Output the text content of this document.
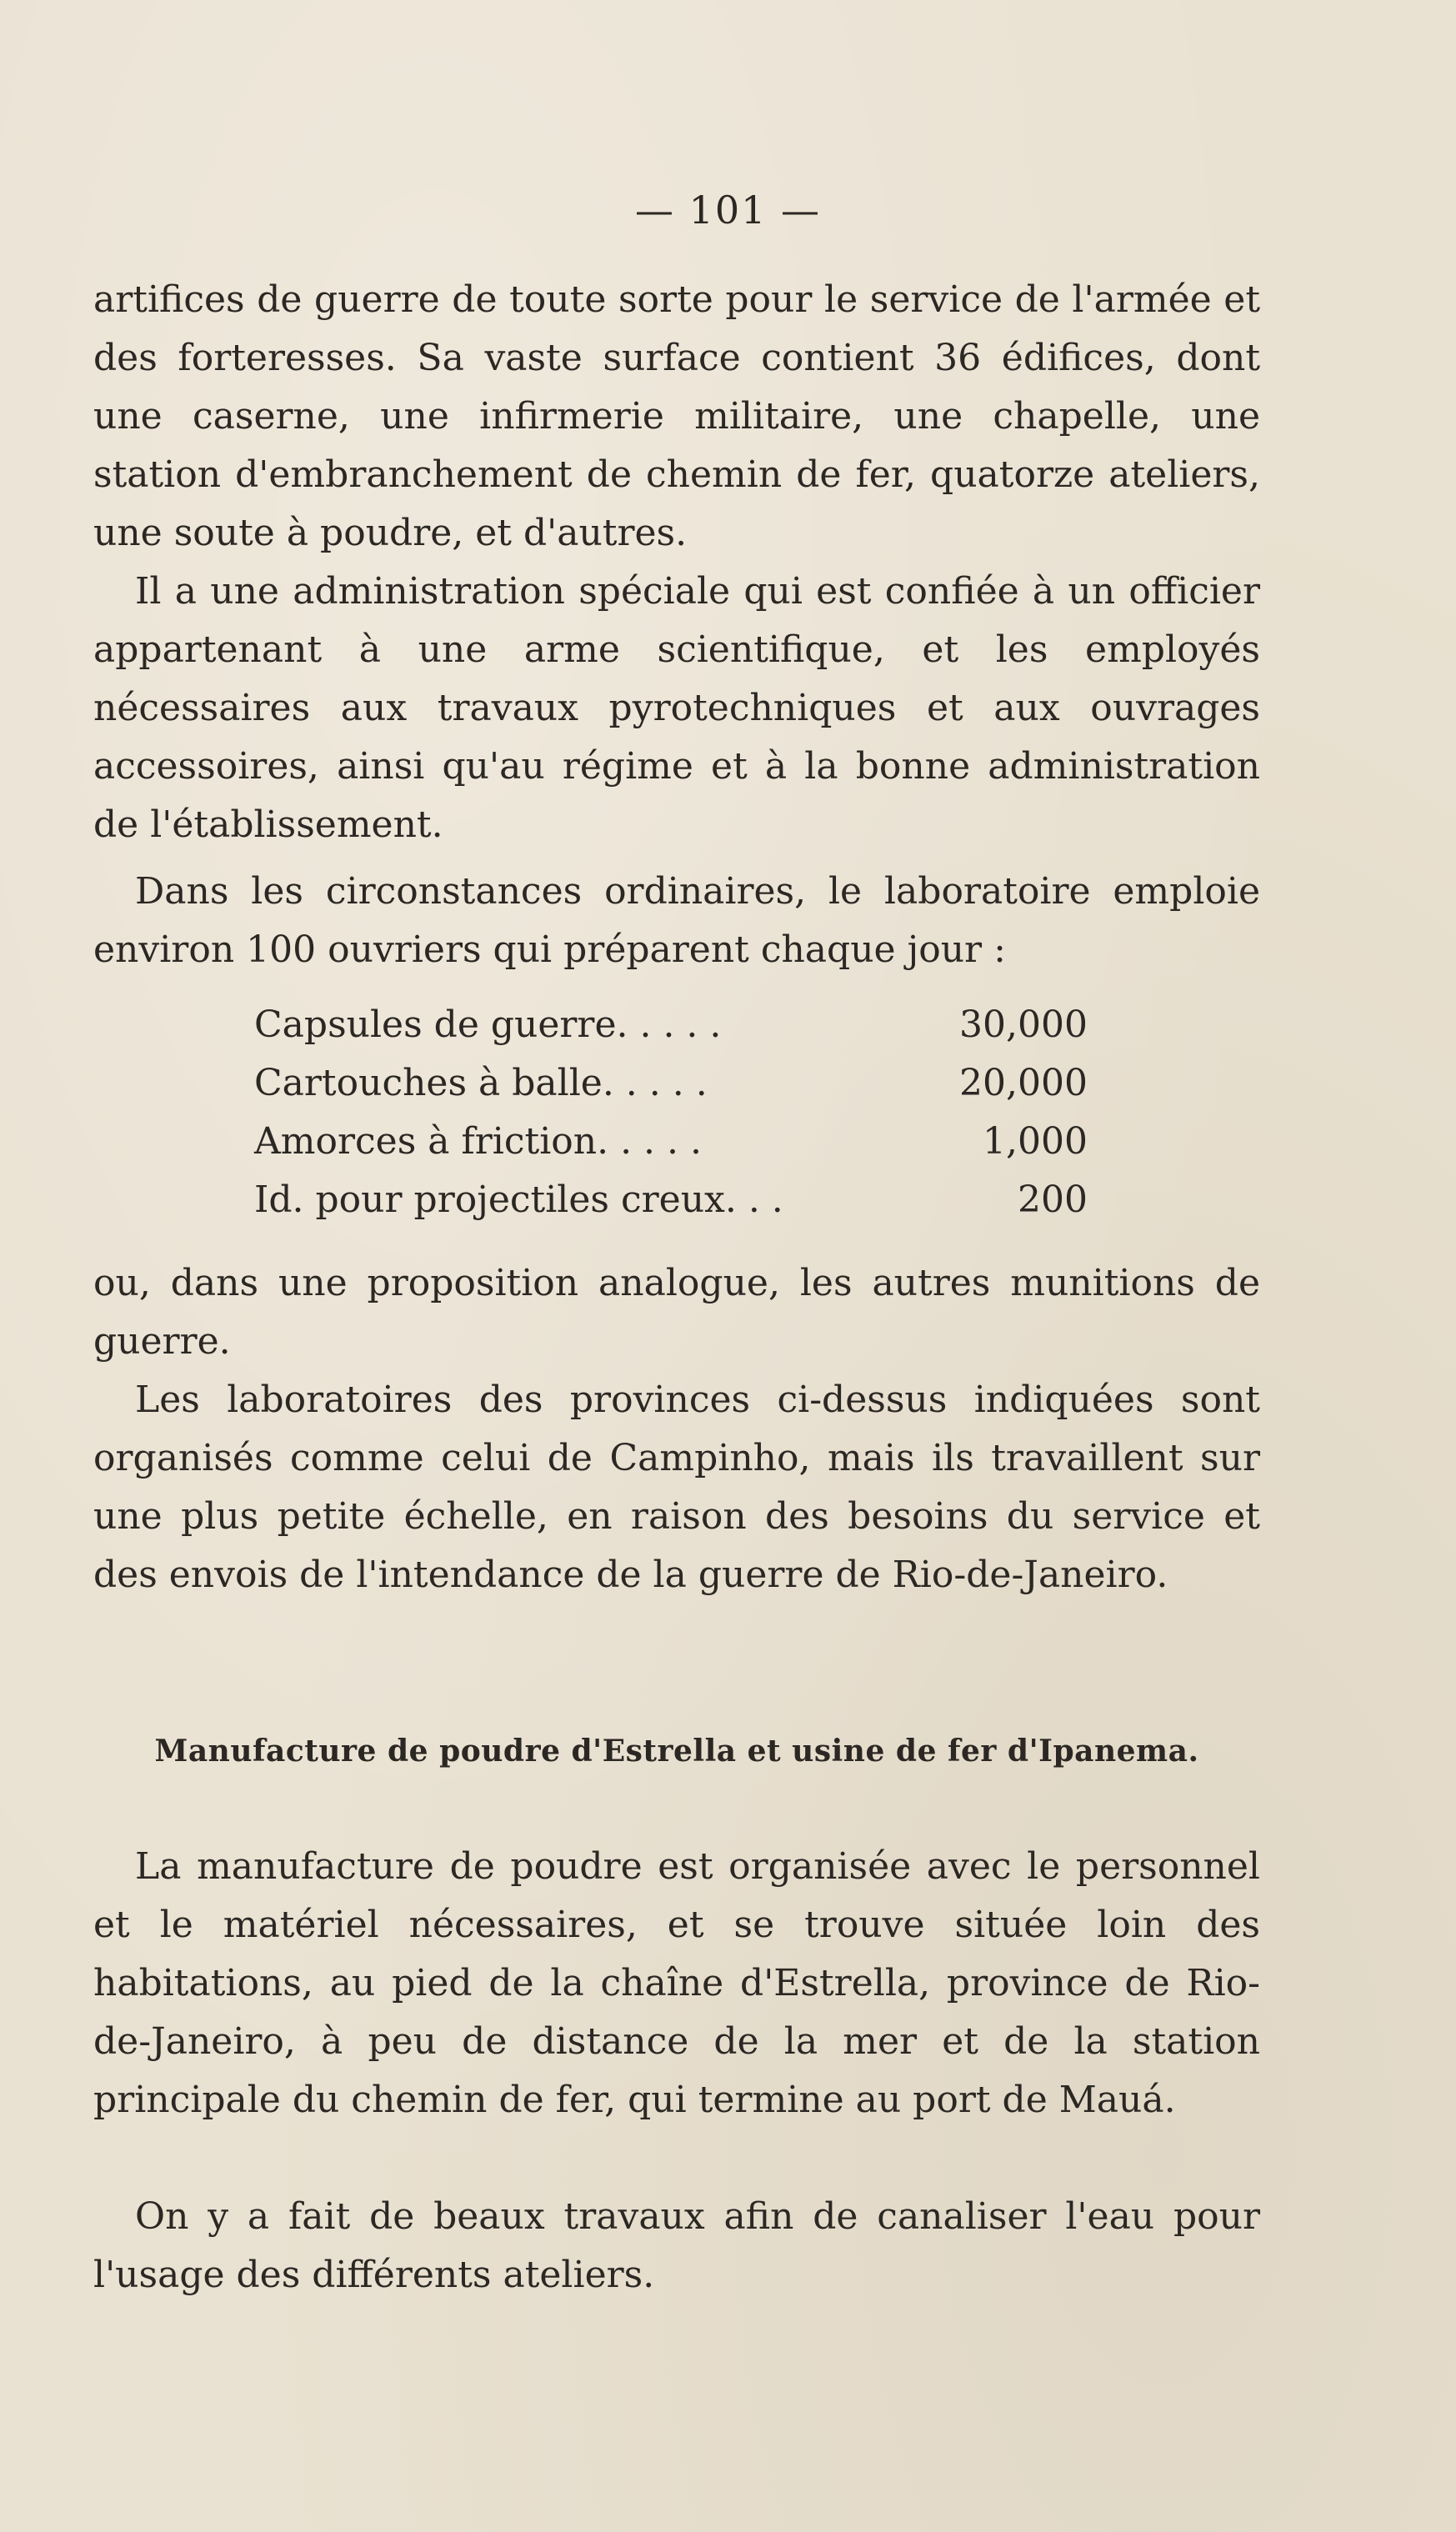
— 101 —

artifices de guerre de toute sorte pour le service de l'armée et des forteresses. Sa vaste surface contient 36 édifices, dont une caserne, une infirmerie militaire, une chapelle, une station d'embranchement de chemin de fer, quatorze ateliers, une soute à poudre, et d'autres.

Il a une administration spéciale qui est confiée à un officier appartenant à une arme scientifique, et les employés nécessaires aux travaux pyrotechniques et aux ouvrages accessoires, ainsi qu'au régime et à la bonne administration de l'établissement.

Dans les circonstances ordinaires, le laboratoire emploie environ 100 ouvriers qui préparent chaque jour :

Capsules de guerre. . . . .	30,000
Cartouches à balle. . . . .	20,000
Amorces à friction. . . . .	1,000
Id. pour projectiles creux. . .	200

ou, dans une proposition analogue, les autres munitions de guerre.

Les laboratoires des provinces ci-dessus indiquées sont organisés comme celui de Campinho, mais ils travaillent sur une plus petite échelle, en raison des besoins du service et des envois de l'intendance de la guerre de Rio-de-Janeiro.

Manufacture de poudre d'Estrella et usine de fer d'Ipanema.

La manufacture de poudre est organisée avec le personnel et le matériel nécessaires, et se trouve située loin des habitations, au pied de la chaîne d'Estrella, province de Rio-de-Janeiro, à peu de distance de la mer et de la station principale du chemin de fer, qui termine au port de Mauá.

On y a fait de beaux travaux afin de canaliser l'eau pour l'usage des différents ateliers.
